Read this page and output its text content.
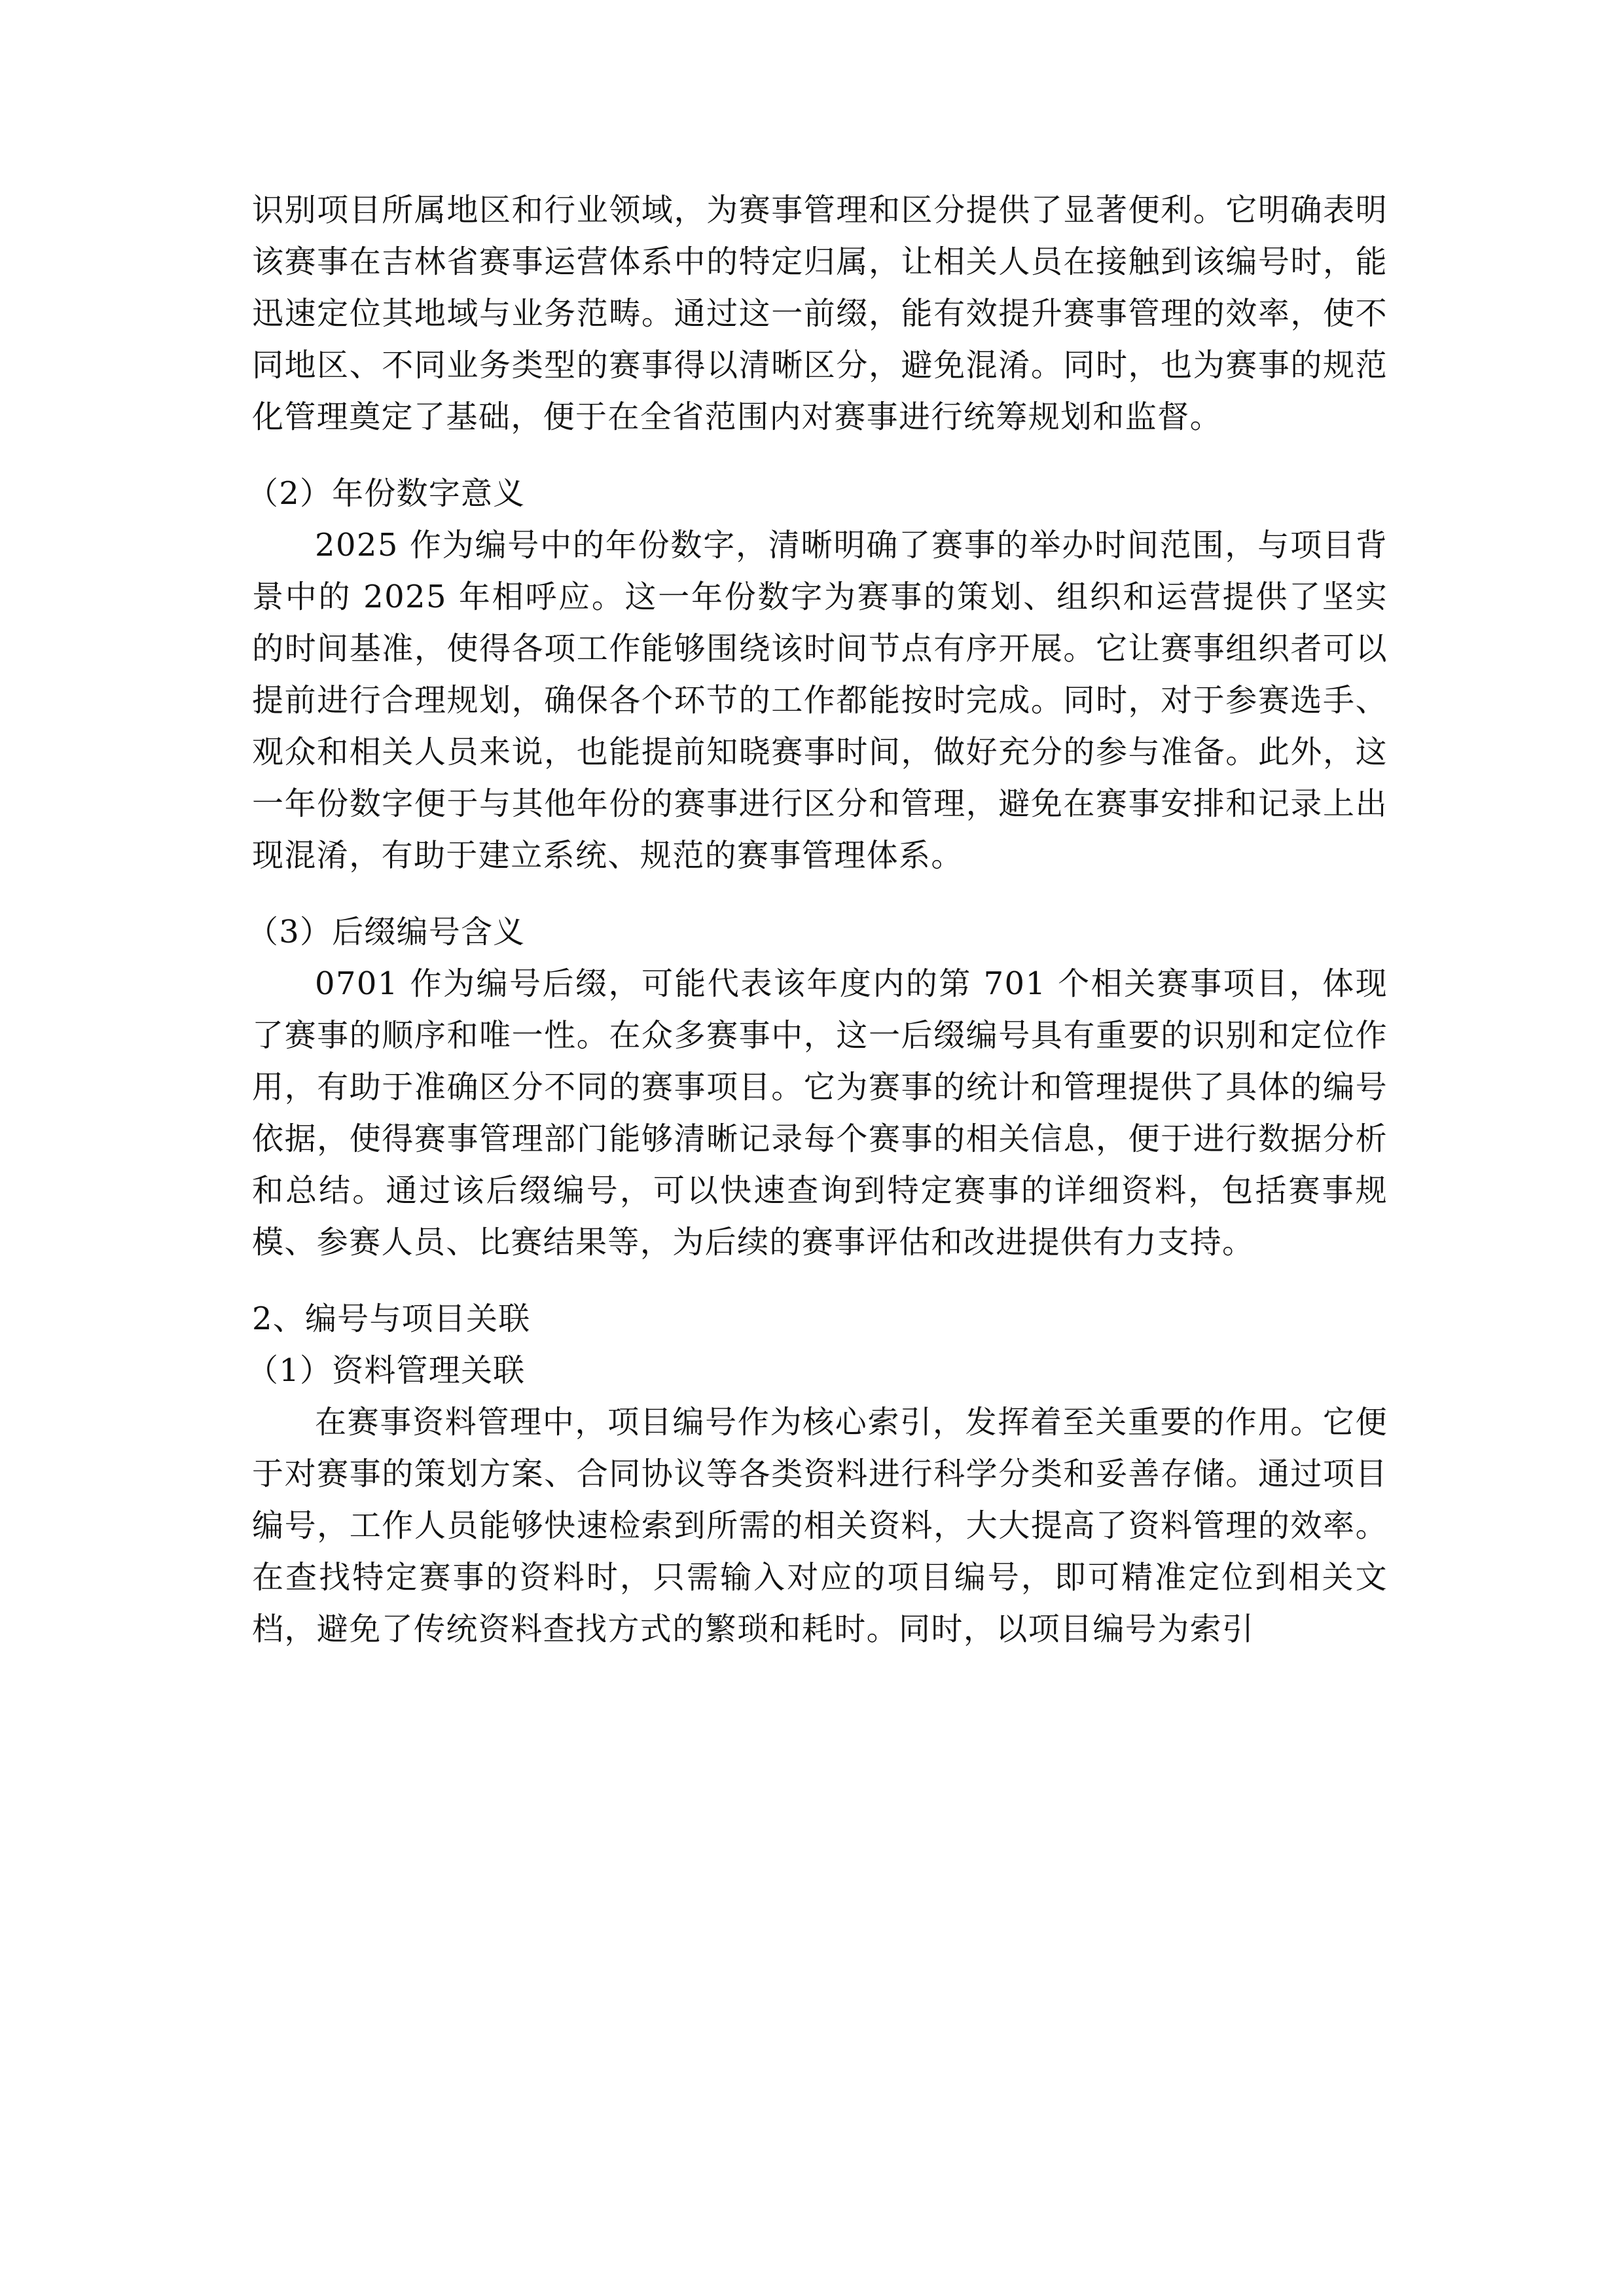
识别项目所属地区和行业领域，为赛事管理和区分提供了显著便利。它明确表明该赛事在吉林省赛事运营体系中的特定归属，让相关人员在接触到该编号时，能迅速定位其地域与业务范畴。通过这一前缀，能有效提升赛事管理的效率，使不同地区、不同业务类型的赛事得以清晰区分，避免混淆。同时，也为赛事的规范化管理奠定了基础，便于在全省范围内对赛事进行统筹规划和监督。

（2）年份数字意义

2025 作为编号中的年份数字，清晰明确了赛事的举办时间范围，与项目背景中的 2025 年相呼应。这一年份数字为赛事的策划、组织和运营提供了坚实的时间基准，使得各项工作能够围绕该时间节点有序开展。它让赛事组织者可以提前进行合理规划，确保各个环节的工作都能按时完成。同时，对于参赛选手、观众和相关人员来说，也能提前知晓赛事时间，做好充分的参与准备。此外，这一年份数字便于与其他年份的赛事进行区分和管理，避免在赛事安排和记录上出现混淆，有助于建立系统、规范的赛事管理体系。

（3）后缀编号含义

0701 作为编号后缀，可能代表该年度内的第 701 个相关赛事项目，体现了赛事的顺序和唯一性。在众多赛事中，这一后缀编号具有重要的识别和定位作用，有助于准确区分不同的赛事项目。它为赛事的统计和管理提供了具体的编号依据，使得赛事管理部门能够清晰记录每个赛事的相关信息，便于进行数据分析和总结。通过该后缀编号，可以快速查询到特定赛事的详细资料，包括赛事规模、参赛人员、比赛结果等，为后续的赛事评估和改进提供有力支持。

2、编号与项目关联

（1）资料管理关联

在赛事资料管理中，项目编号作为核心索引，发挥着至关重要的作用。它便于对赛事的策划方案、合同协议等各类资料进行科学分类和妥善存储。通过项目编号，工作人员能够快速检索到所需的相关资料，大大提高了资料管理的效率。在查找特定赛事的资料时，只需输入对应的项目编号，即可精准定位到相关文档，避免了传统资料查找方式的繁琐和耗时。同时，以项目编号为索引
